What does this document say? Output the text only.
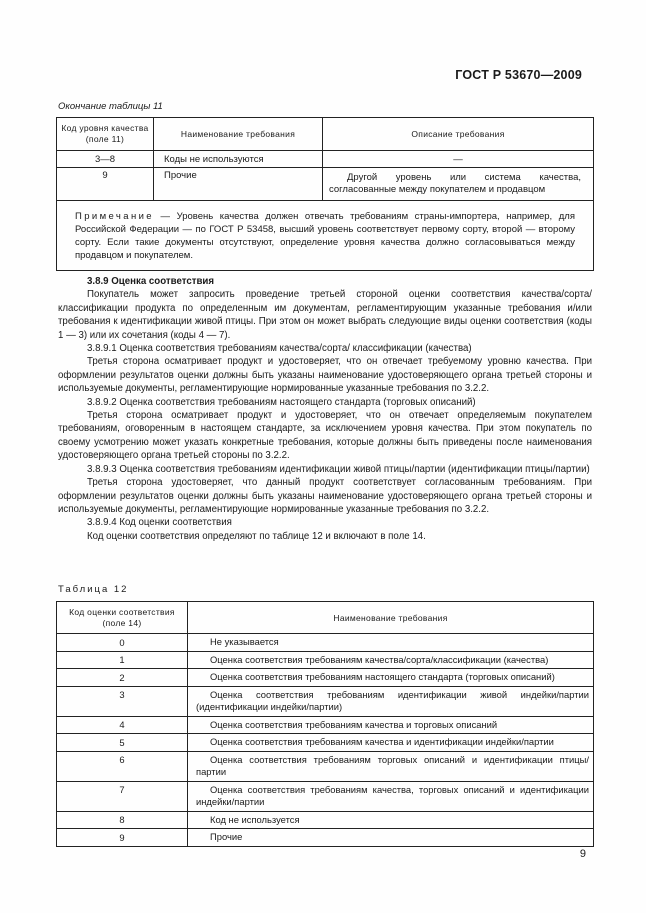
ГОСТ Р 53670—2009
Окончание таблицы 11
Код уровня качества (поле 11)	Наименование требования	Описание требования
3—8	Коды не используются	—
9	Прочие	Другой уровень или система качества, согласованные между покупателем и продавцом
Примечание — Уровень качества должен отвечать требованиям страны-импортера, например, для Российской Федерации — по ГОСТ Р 53458, высший уровень соответствует первому сорту, второй — второму сорту. Если такие документы отсутствуют, определение уровня качества должно согласовываться между продавцом и покупателем.		

3.8.9 Оценка соответствия

Покупатель может запросить проведение третьей стороной оценки соответствия качества/сорта/классификации продукта по определенным им документам, регламентирующим указанные требования и/или требования к идентификации живой птицы. При этом он может выбрать следующие виды оценки соответствия (коды 1 — 3) или их сочетания (коды 4 — 7).

3.8.9.1 Оценка соответствия требованиям качества/сорта/ классификации (качества)

Третья сторона осматривает продукт и удостоверяет, что он отвечает требуемому уровню качества. При оформлении результатов оценки должны быть указаны наименование удостоверяющего органа третьей стороны и используемые документы, регламентирующие нормированные указанные требования по 3.2.2.

3.8.9.2 Оценка соответствия требованиям настоящего стандарта (торговых описаний)

Третья сторона осматривает продукт и удостоверяет, что он отвечает определяемым покупателем требованиям, оговоренным в настоящем стандарте, за исключением уровня качества. При этом покупатель по своему усмотрению может указать конкретные требования, которые должны быть приведены после наименования удостоверяющего органа третьей стороны по 3.2.2.

3.8.9.3 Оценка соответствия требованиям идентификации живой птицы/партии (идентификации птицы/партии)

Третья сторона удостоверяет, что данный продукт соответствует согласованным требованиям. При оформлении результатов оценки должны быть указаны наименование удостоверяющего органа третьей стороны и используемые документы, регламентирующие нормированные указанные требования по 3.2.2.

3.8.9.4 Код оценки соответствия

Код оценки соответствия определяют по таблице 12 и включают в поле 14.

Таблица 12
Код оценки соответствия (поле 14)	Наименование требования
0	Не указывается

1	Оценка соответствия требованиям качества/сорта/классификации (качества)

2	Оценка соответствия требованиям настоящего стандарта (торговых описаний)

3	Оценка соответствия требованиям идентификации живой индейки/партии (идентификации индейки/партии)

4	Оценка соответствия требованиям качества и торговых описаний

5	Оценка соответствия требованиям качества и идентификации индейки/партии

6	Оценка соответствия требованиям торговых описаний и идентификации птицы/партии

7	Оценка соответствия требованиям качества, торговых описаний и идентификации индейки/партии

8	Код не используется

9	Прочие
9
